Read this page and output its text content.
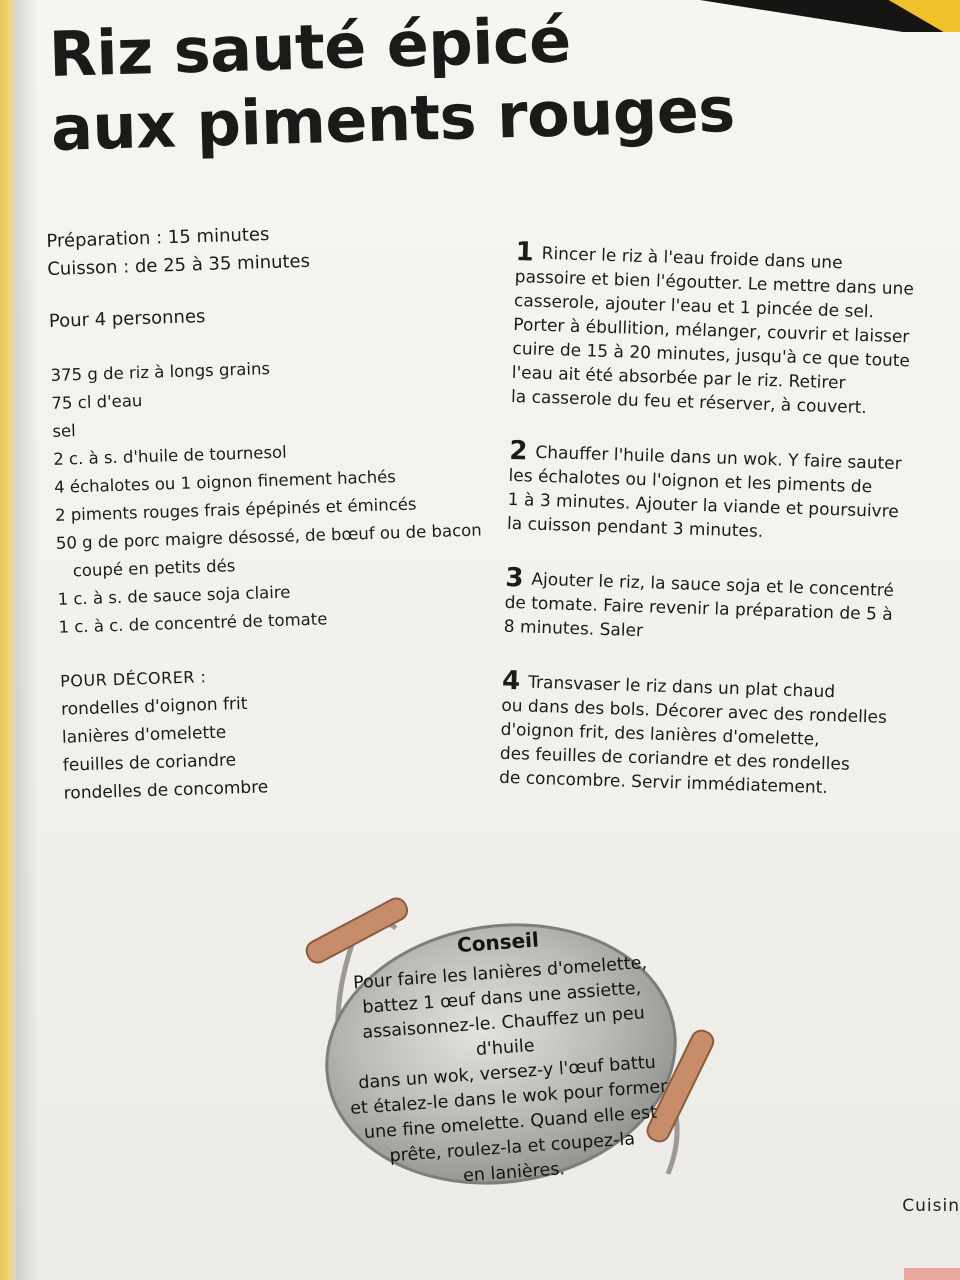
Riz sauté épicé
aux piments rouges
Préparation : 15 minutes
Cuisson : de 25 à 35 minutes
Pour 4 personnes
375 g de riz à longs grains
75 cl d'eau
sel
2 c. à s. d'huile de tournesol
4 échalotes ou 1 oignon finement hachés
2 piments rouges frais épépinés et émincés
50 g de porc maigre désossé, de bœuf ou de bacon
coupé en petits dés
1 c. à s. de sauce soja claire
1 c. à c. de concentré de tomate
POUR DÉCORER :
rondelles d'oignon frit
lanières d'omelette
feuilles de coriandre
rondelles de concombre
1 Rincer le riz à l'eau froide dans une
passoire et bien l'égoutter. Le mettre dans une
casserole, ajouter l'eau et 1 pincée de sel.
Porter à ébullition, mélanger, couvrir et laisser
cuire de 15 à 20 minutes, jusqu'à ce que toute
l'eau ait été absorbée par le riz. Retirer
la casserole du feu et réserver, à couvert.
2 Chauffer l'huile dans un wok. Y faire sauter
les échalotes ou l'oignon et les piments de
1 à 3 minutes. Ajouter la viande et poursuivre
la cuisson pendant 3 minutes.
3 Ajouter le riz, la sauce soja et le concentré
de tomate. Faire revenir la préparation de 5 à
8 minutes. Saler
4 Transvaser le riz dans un plat chaud
ou dans des bols. Décorer avec des rondelles
d'oignon frit, des lanières d'omelette,
des feuilles de coriandre et des rondelles
de concombre. Servir immédiatement.
Conseil
Pour faire les lanières d'omelette,
battez 1 œuf dans une assiette,
assaisonnez-le. Chauffez un peu d'huile
dans un wok, versez-y l'œuf battu
et étalez-le dans le wok pour former
une fine omelette. Quand elle est
prête, roulez-la et coupez-la
en lanières.
Cuisin
